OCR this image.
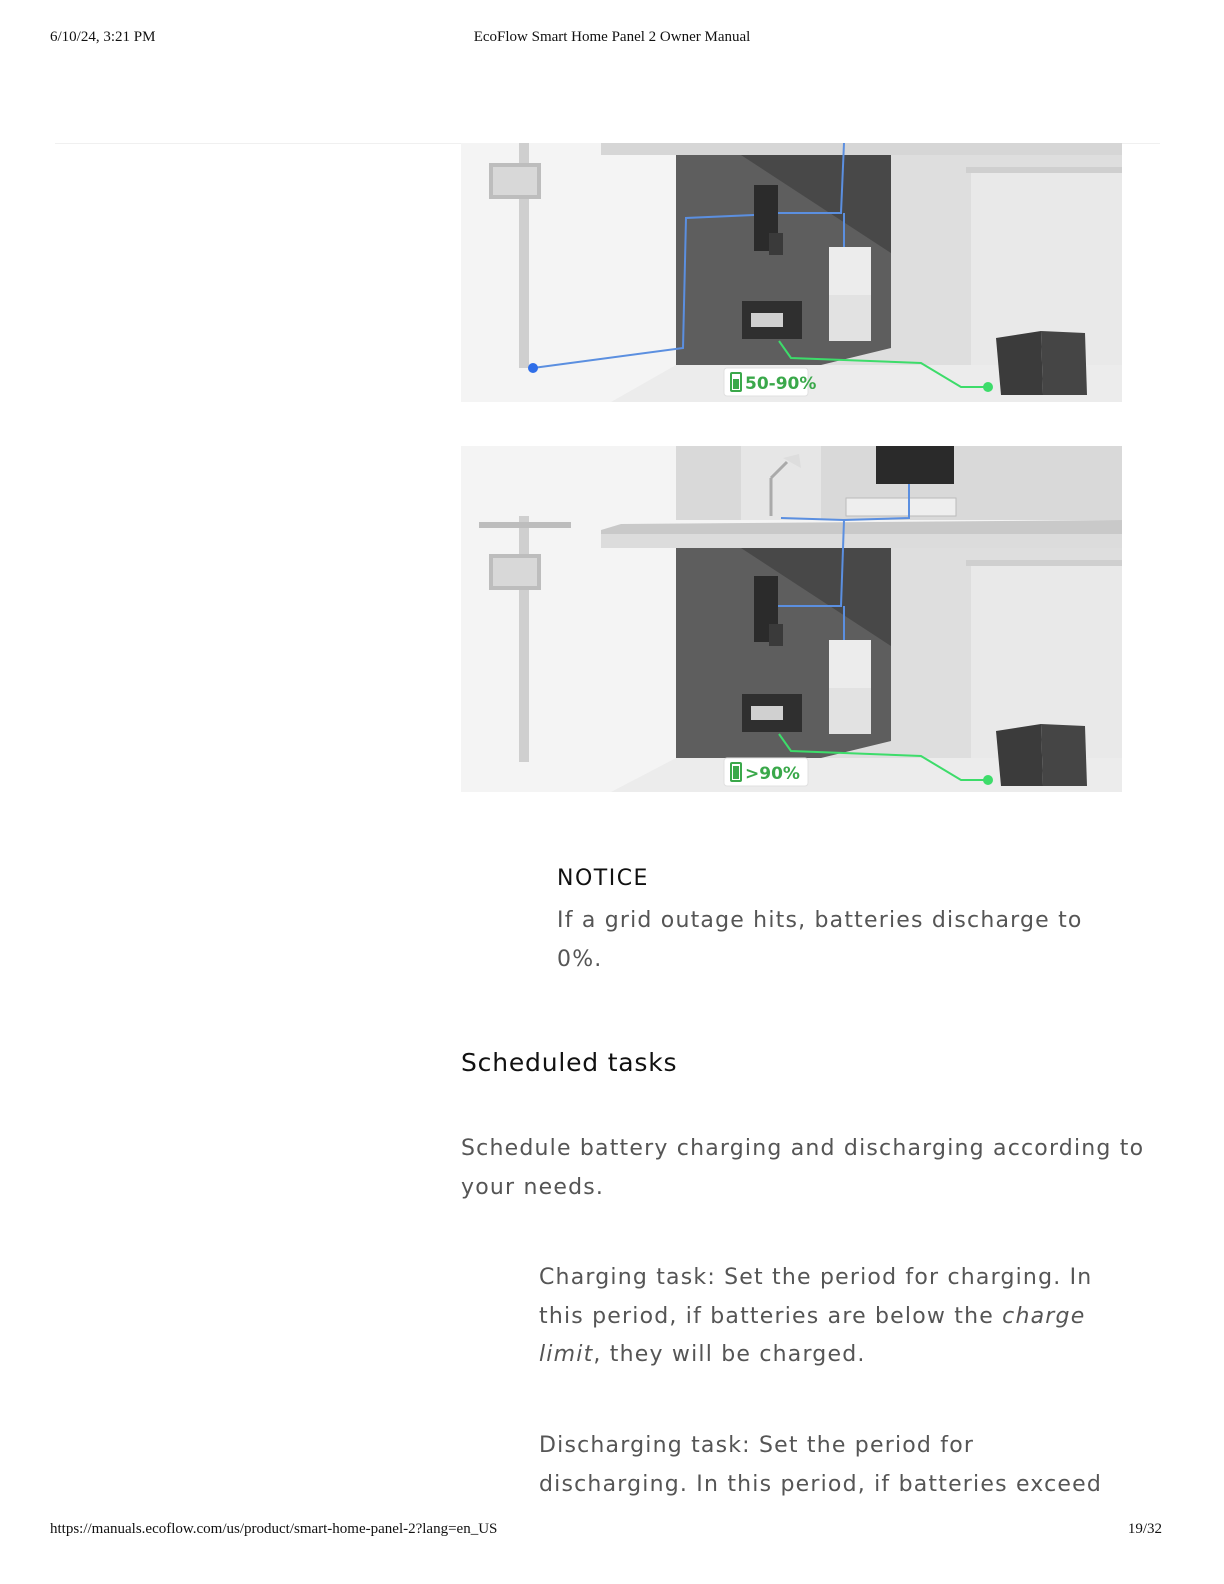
6/10/24, 3:21 PM	EcoFlow Smart Home Panel 2 Owner Manual
50-90%
>90%
NOTICE
If a grid outage hits, batteries discharge to 0%.
Scheduled tasks
Schedule battery charging and discharging according to your needs.
Charging task: Set the period for charging. In this period, if batteries are below the charge limit, they will be charged.
Discharging task: Set the period for discharging. In this period, if batteries exceed
https://manuals.ecoflow.com/us/product/smart-home-panel-2?lang=en_US	19/32
